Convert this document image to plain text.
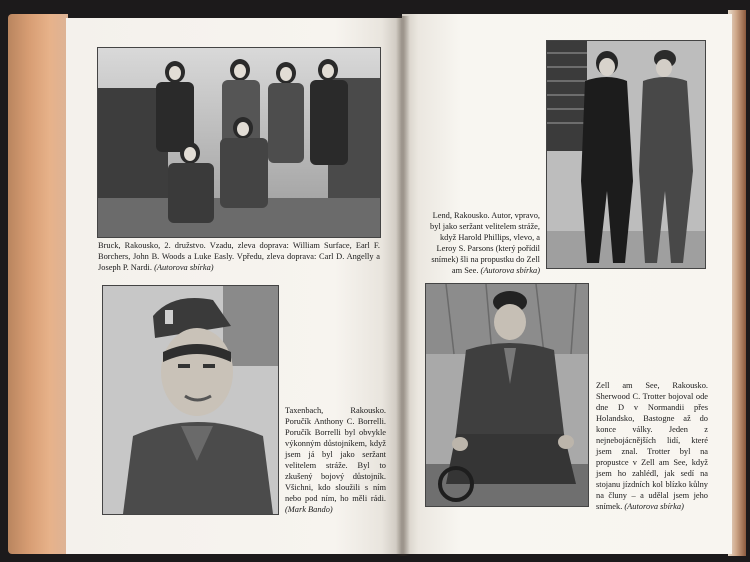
Bruck, Rakousko, 2. družstvo. Vzadu, zleva doprava: William Surface, Earl F. Borchers, John B. Woods a Luke Easly. Vpředu, zleva doprava: Carl D. Angelly a Joseph P. Nardi. (Autorova sbírka)

Lend, Rakousko. Autor, vpravo, byl jako seržant velitelem stráže, když Harold Phillips, vlevo, a Leroy S. Parsons (který pořídil snímek) šli na propustku do Zell am See. (Autorova sbírka)

Taxenbach, Rakousko. Poručík Anthony C. Borrelli. Poručík Borrelli byl obvykle výkonným důstojníkem, když jsem já byl jako seržant velitelem stráže. Byl to zkušený bojový důstojník. Všichni, kdo sloužili s ním nebo pod ním, ho měli rádi. (Mark Bando)

Zell am See, Rakousko. Sherwood C. Trotter bojoval ode dne D v Normandii přes Holandsko, Bastogne až do konce války. Jeden z nejnebojácnějších lidí, které jsem znal. Trotter byl na propustce v Zell am See, když jsem ho zahlédl, jak sedí na stojanu jízdních kol blízko kůlny na čluny – a udělal jsem jeho snímek. (Autorova sbírka)
